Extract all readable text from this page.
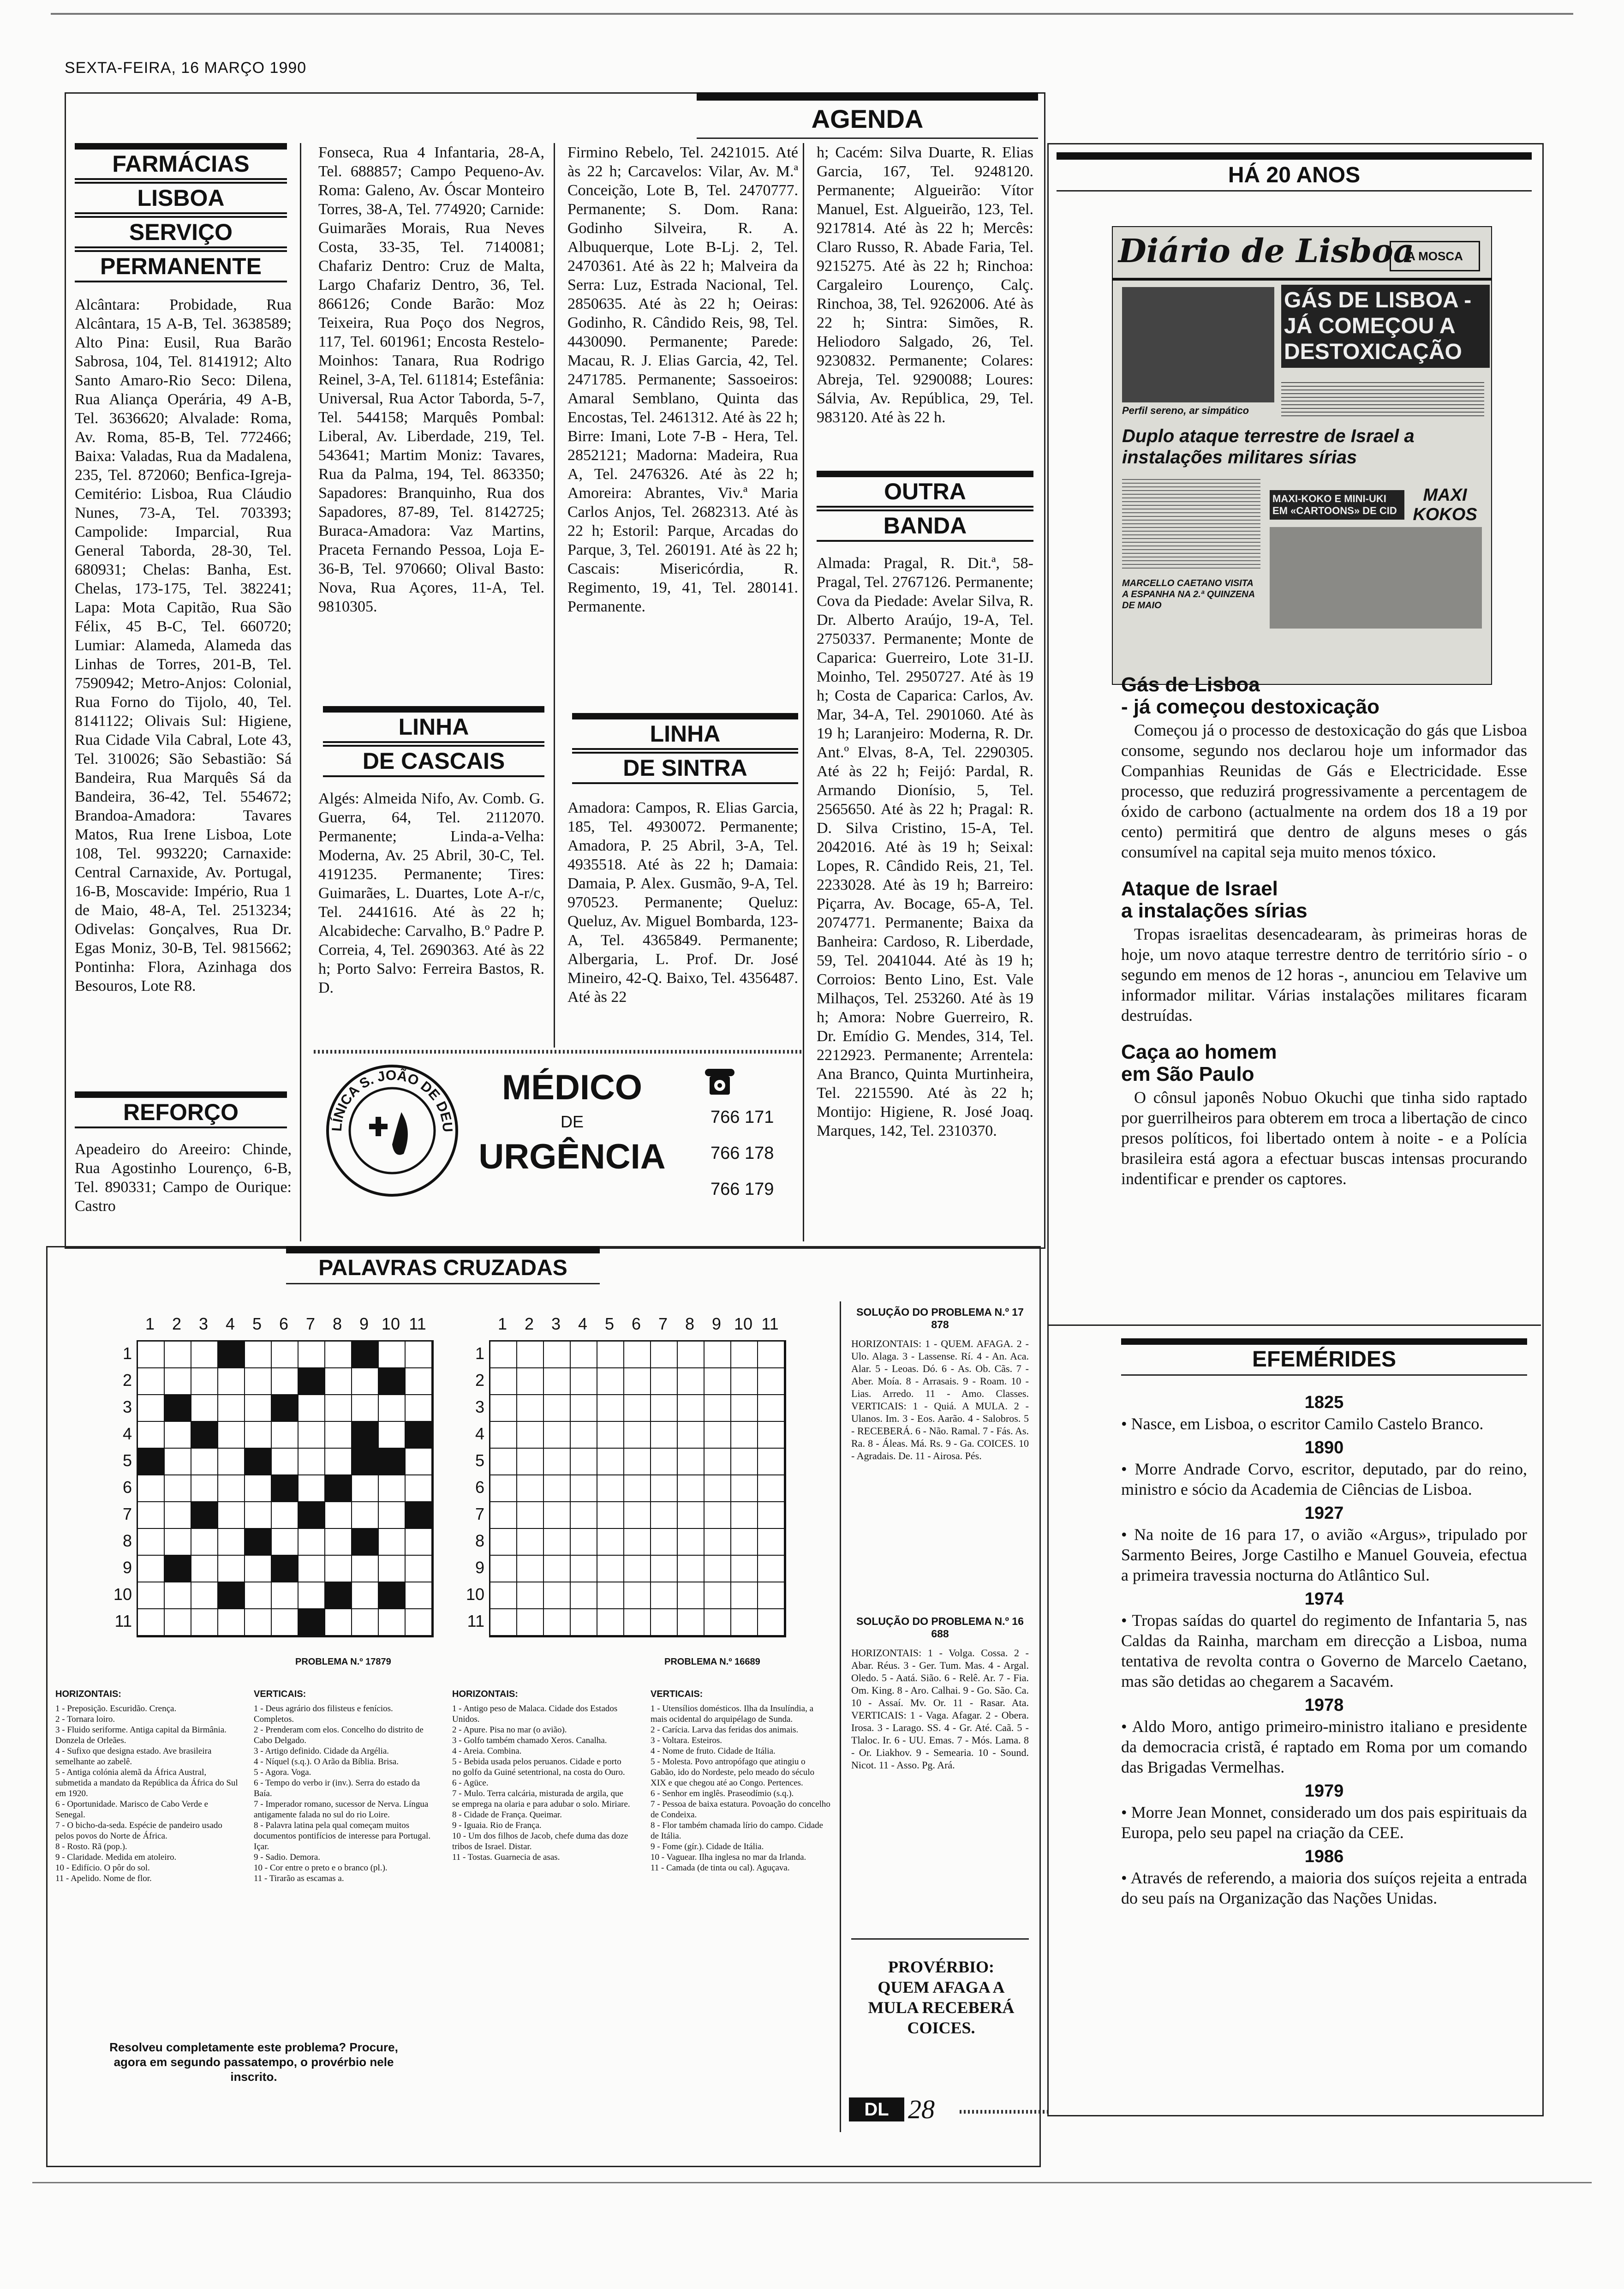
SEXTA-FEIRA, 16 MARÇO 1990
AGENDA
FARMÁCIAS
LISBOA
SERVIÇO
PERMANENTE
Alcântara: Probidade, Rua Alcântara, 15 A-B, Tel. 3638589; Alto Pina: Eusil, Rua Barão Sabrosa, 104, Tel. 8141912; Alto Santo Amaro-Rio Seco: Dilena, Rua Aliança Operária, 49 A-B, Tel. 3636620; Alvalade: Roma, Av. Roma, 85-B, Tel. 772466; Baixa: Valadas, Rua da Madalena, 235, Tel. 872060; Benfica-Igreja-Cemitério: Lisboa, Rua Cláudio Nunes, 73-A, Tel. 703393; Campolide: Imparcial, Rua General Taborda, 28-30, Tel. 680931; Chelas: Banha, Est. Chelas, 173-175, Tel. 382241; Lapa: Mota Capitão, Rua São Félix, 45 B-C, Tel. 660720; Lumiar: Alameda, Alameda das Linhas de Torres, 201-B, Tel. 7590942; Metro-Anjos: Colonial, Rua Forno do Tijolo, 40, Tel. 8141122; Olivais Sul: Higiene, Rua Cidade Vila Cabral, Lote 43, Tel. 310026; São Sebastião: Sá Bandeira, Rua Marquês Sá da Bandeira, 36-42, Tel. 554672; Brandoa-Amadora: Tavares Matos, Rua Irene Lisboa, Lote 108, Tel. 993220; Carnaxide: Central Carnaxide, Av. Portugal, 16-B, Moscavide: Império, Rua 1 de Maio, 48-A, Tel. 2513234; Odivelas: Gonçalves, Rua Dr. Egas Moniz, 30-B, Tel. 9815662; Pontinha: Flora, Azinhaga dos Besouros, Lote R8.
REFORÇO
Apeadeiro do Areeiro: Chinde, Rua Agostinho Lourenço, 6-B, Tel. 890331; Campo de Ourique: Castro
Fonseca, Rua 4 Infantaria, 28-A, Tel. 688857; Campo Pequeno-Av. Roma: Galeno, Av. Óscar Monteiro Torres, 38-A, Tel. 774920; Carnide: Guimarães Morais, Rua Neves Costa, 33-35, Tel. 7140081; Chafariz Dentro: Cruz de Malta, Largo Chafariz Dentro, 36, Tel. 866126; Conde Barão: Moz Teixeira, Rua Poço dos Negros, 117, Tel. 601961; Encosta Restelo-Moinhos: Tanara, Rua Rodrigo Reinel, 3-A, Tel. 611814; Estefânia: Universal, Rua Actor Taborda, 5-7, Tel. 544158; Marquês Pombal: Liberal, Av. Liberdade, 219, Tel. 543641; Martim Moniz: Tavares, Rua da Palma, 194, Tel. 863350; Sapadores: Branquinho, Rua dos Sapadores, 87-89, Tel. 8142725; Buraca-Amadora: Vaz Martins, Praceta Fernando Pessoa, Loja E-36-B, Tel. 970660; Olival Basto: Nova, Rua Açores, 11-A, Tel. 9810305.
LINHA
DE CASCAIS
Algés: Almeida Nifo, Av. Comb. G. Guerra, 64, Tel. 2112070. Permanente; Linda-a-Velha: Moderna, Av. 25 Abril, 30-C, Tel. 4191235. Permanente; Tires: Guimarães, L. Duartes, Lote A-r/c, Tel. 2441616. Até às 22 h; Alcabideche: Carvalho, B.º Padre P. Correia, 4, Tel. 2690363. Até às 22 h; Porto Salvo: Ferreira Bastos, R. D.
Firmino Rebelo, Tel. 2421015. Até às 22 h; Carcavelos: Vilar, Av. M.ª Conceição, Lote B, Tel. 2470777. Permanente; S. Dom. Rana: Godinho Silveira, R. A. Albuquerque, Lote B-Lj. 2, Tel. 2470361. Até às 22 h; Malveira da Serra: Luz, Estrada Nacional, Tel. 2850635. Até às 22 h; Oeiras: Godinho, R. Cândido Reis, 98, Tel. 4430090. Permanente; Parede: Macau, R. J. Elias Garcia, 42, Tel. 2471785. Permanente; Sassoeiros: Amaral Semblano, Quinta das Encostas, Tel. 2461312. Até às 22 h; Birre: Imani, Lote 7-B - Hera, Tel. 2852121; Madorna: Madeira, Rua A, Tel. 2476326. Até às 22 h; Amoreira: Abrantes, Viv.ª Maria Carlos Anjos, Tel. 2682313. Até às 22 h; Estoril: Parque, Arcadas do Parque, 3, Tel. 260191. Até às 22 h; Cascais: Misericórdia, R. Regimento, 19, 41, Tel. 280141. Permanente.
LINHA
DE SINTRA
Amadora: Campos, R. Elias Garcia, 185, Tel. 4930072. Permanente; Amadora, P. 25 Abril, 3-A, Tel. 4935518. Até às 22 h; Damaia: Damaia, P. Alex. Gusmão, 9-A, Tel. 970523. Permanente; Queluz: Queluz, Av. Miguel Bombarda, 123-A, Tel. 4365849. Permanente; Albergaria, L. Prof. Dr. José Mineiro, 42-Q. Baixo, Tel. 4356487. Até às 22
h; Cacém: Silva Duarte, R. Elias Garcia, 167, Tel. 9248120. Permanente; Algueirão: Vítor Manuel, Est. Algueirão, 123, Tel. 9217814. Até às 22 h; Mercês: Claro Russo, R. Abade Faria, Tel. 9215275. Até às 22 h; Rinchoa: Cargaleiro Lourenço, Calç. Rinchoa, 38, Tel. 9262006. Até às 22 h; Sintra: Simões, R. Heliodoro Salgado, 26, Tel. 9230832. Permanente; Colares: Abreja, Tel. 9290088; Loures: Sálvia, Av. República, 29, Tel. 983120. Até às 22 h.
OUTRA
BANDA
Almada: Pragal, R. Dit.ª, 58-Pragal, Tel. 2767126. Permanente; Cova da Piedade: Avelar Silva, R. Dr. Alberto Araújo, 19-A, Tel. 2750337. Permanente; Monte de Caparica: Guerreiro, Lote 31-IJ. Moinho, Tel. 2950727. Até às 19 h; Costa de Caparica: Carlos, Av. Mar, 34-A, Tel. 2901060. Até às 19 h; Laranjeiro: Moderna, R. Dr. Ant.º Elvas, 8-A, Tel. 2290305. Até às 22 h; Feijó: Pardal, R. Armando Dionísio, 5, Tel. 2565650. Até às 22 h; Pragal: R. D. Silva Cristino, 15-A, Tel. 2042016. Até às 19 h; Seixal: Lopes, R. Cândido Reis, 21, Tel. 2233028. Até às 19 h; Barreiro: Piçarra, Av. Bocage, 65-A, Tel. 2074771. Permanente; Baixa da Banheira: Cardoso, R. Liberdade, 59, Tel. 2041044. Até às 19 h; Corroios: Bento Lino, Est. Vale Milhaços, Tel. 253260. Até às 19 h; Amora: Nobre Guerreiro, R. Dr. Emídio G. Mendes, 314, Tel. 2212923. Permanente; Arrentela: Ana Branco, Quinta Murtinheira, Tel. 2215590. Até às 22 h; Montijo: Higiene, R. José Joaq. Marques, 142, Tel. 2310370.
LÍNICA S. JOÃO DE DEU
MÉDICO
DE
URGÊNCIA
766 171
766 178
766 179
HÁ 20 ANOS
Diário de Lisboa
A MOSCA
Perfil sereno, ar simpático
GÁS DE LISBOA -JÁ COMEÇOU A DESTOXICAÇÃO
Duplo ataque terrestre de Israel a instalações militares sírias
MAXI-KOKO E MINI-UKI EM «CARTOONS» DE CID
MAXI KOKOS
MARCELLO CAETANO VISITA A ESPANHA NA 2.ª QUINZENA DE MAIO
Gás de Lisboa
- já começou destoxicação

Começou já o processo de destoxicação do gás que Lisboa consome, segundo nos declarou hoje um informador das Companhias Reunidas de Gás e Electricidade. Esse processo, que reduzirá progressivamente a percentagem de óxido de carbono (actualmente na ordem dos 18 a 19 por cento) permitirá que dentro de alguns meses o gás consumível na capital seja muito menos tóxico.

Ataque de Israel
a instalações sírias

Tropas israelitas desencadearam, às primeiras horas de hoje, um novo ataque terrestre dentro de território sírio - o segundo em menos de 12 horas -, anunciou em Telavive um informador militar. Várias instalações militares ficaram destruídas.

Caça ao homem
em São Paulo

O cônsul japonês Nobuo Okuchi que tinha sido raptado por guerrilheiros para obterem em troca a libertação de cinco presos políticos, foi libertado ontem à noite - e a Polícia brasileira está agora a efectuar buscas intensas procurando indentificar e prender os captores.

EFEMÉRIDES
1825
• Nasce, em Lisboa, o escritor Camilo Castelo Branco.
1890
• Morre Andrade Corvo, escritor, deputado, par do reino, ministro e sócio da Academia de Ciências de Lisboa.
1927
• Na noite de 16 para 17, o avião «Argus», tripulado por Sarmento Beires, Jorge Castilho e Manuel Gouveia, efectua a primeira travessia nocturna do Atlântico Sul.
1974
• Tropas saídas do quartel do regimento de Infantaria 5, nas Caldas da Rainha, marcham em direcção a Lisboa, numa tentativa de revolta contra o Governo de Marcelo Caetano, mas são detidas ao chegarem a Sacavém.
1978
• Aldo Moro, antigo primeiro-ministro italiano e presidente da democracia cristã, é raptado em Roma por um comando das Brigadas Vermelhas.
1979
• Morre Jean Monnet, considerado um dos pais espirituais da Europa, pelo seu papel na criação da CEE.
1986
• Através de referendo, a maioria dos suíços rejeita a entrada do seu país na Organização das Nações Unidas.
PALAVRAS CRUZADAS
1	2	3	4	5	6	7	8	9 10 11
1
2
3
4
5
6
7
8
9
10
11
1	2	3	4	5	6	7	8	9 10 11
1
2
3
4
5
6
7
8
9
10
11
PROBLEMA N.º 17879	PROBLEMA N.º 16689
HORIZONTAIS:
1 - Preposição. Escuridão. Crença.
2 - Tornara loiro.
3 - Fluido seriforme. Antiga capital da Birmânia. Donzela de Orleães.
4 - Sufixo que designa estado. Ave brasileira semelhante ao zabelê.
5 - Antiga colónia alemã da África Austral, submetida a mandato da República da África do Sul em 1920.
6 - Oportunidade. Marisco de Cabo Verde e Senegal.
7 - O bicho-da-seda. Espécie de pandeiro usado pelos povos do Norte de África.
8 - Rosto. Rã (pop.).
9 - Claridade. Medida em atoleiro.
10 - Edifício. O pôr do sol.
11 - Apelido. Nome de flor.
VERTICAIS:
1 - Deus agrário dos filisteus e fenícios. Completos.
2 - Prenderam com elos. Concelho do distrito de Cabo Delgado.
3 - Artigo definido. Cidade da Argélia.
4 - Níquel (s.q.). O Arão da Bíblia. Brisa.
5 - Agora. Voga.
6 - Tempo do verbo ir (inv.). Serra do estado da Baía.
7 - Imperador romano, sucessor de Nerva. Língua antigamente falada no sul do rio Loire.
8 - Palavra latina pela qual começam muitos documentos pontifícios de interesse para Portugal. Içar.
9 - Sadio. Demora.
10 - Cor entre o preto e o branco (pl.).
11 - Tirarão as escamas a.
HORIZONTAIS:
1 - Antigo peso de Malaca. Cidade dos Estados Unidos.
2 - Apure. Pisa no mar (o avião).
3 - Golfo também chamado Xeros. Canalha.
4 - Areia. Combina.
5 - Bebida usada pelos peruanos. Cidade e porto no golfo da Guiné setentrional, na costa do Ouro.
6 - Agüce.
7 - Mulo. Terra calcária, misturada de argila, que se emprega na olaria e para adubar o solo. Miriare.
8 - Cidade de França. Queimar.
9 - Iguaia. Rio de França.
10 - Um dos filhos de Jacob, chefe duma das doze tribos de Israel. Distar.
11 - Tostas. Guarnecia de asas.
VERTICAIS:
1 - Utensílios domésticos. Ilha da Insulíndia, a mais ocidental do arquipélago de Sunda.
2 - Carícia. Larva das feridas dos animais.
3 - Voltara. Esteiros.
4 - Nome de fruto. Cidade de Itália.
5 - Molesta. Povo antropófago que atingiu o Gabão, ido do Nordeste, pelo meado do século XIX e que chegou até ao Congo. Pertences.
6 - Senhor em inglês. Praseodímio (s.q.).
7 - Pessoa de baixa estatura. Povoação do concelho de Condeixa.
8 - Flor também chamada lírio do campo. Cidade de Itália.
9 - Fome (gír.). Cidade de Itália.
10 - Vaguear. Ilha inglesa no mar da Irlanda.
11 - Camada (de tinta ou cal). Aguçava.
Resolveu completamente este problema? Procure, agora em segundo passatempo, o provérbio nele inscrito.
SOLUÇÃO DO PROBLEMA N.º 17 878
HORIZONTAIS: 1 - QUEM. AFAGA. 2 - Ulo. Alaga. 3 - Lassense. Rí. 4 - An. Aca. Alar. 5 - Leoas. Dó. 6 - As. Ob. Cãs. 7 - Aber. Moía. 8 - Arrasais. 9 - Roam. 10 - Lias. Arredo. 11 - Amo. Classes. VERTICAIS: 1 - Quiá. A MULA. 2 - Ulanos. Im. 3 - Eos. Aarão. 4 - Salobros. 5 - RECEBERÁ. 6 - Não. Ramal. 7 - Fás. As. Ra. 8 - Áleas. Má. Rs. 9 - Ga. COICES. 10 - Agradais. De. 11 - Airosa. Pés.
SOLUÇÃO DO PROBLEMA N.º 16 688
HORIZONTAIS: 1 - Volga. Cossa. 2 - Abar. Réus. 3 - Ger. Tum. Mas. 4 - Argal. Oledo. 5 - Aatá. Sião. 6 - Relê. Ar. 7 - Fia. Om. King. 8 - Aro. Calhai. 9 - Go. São. Ca. 10 - Assaí. Mv. Or. 11 - Rasar. Ata. VERTICAIS: 1 - Vaga. Afagar. 2 - Obera. Irosa. 3 - Larago. SS. 4 - Gr. Até. Caã. 5 - Tlaloc. Ir. 6 - UU. Emas. 7 - Mós. Lama. 8 - Or. Liakhov. 9 - Semearia. 10 - Sound. Nicot. 11 - Asso. Pg. Ará.
PROVÉRBIO: QUEM AFAGA A MULA RECEBERÁ COICES.
DL 28
